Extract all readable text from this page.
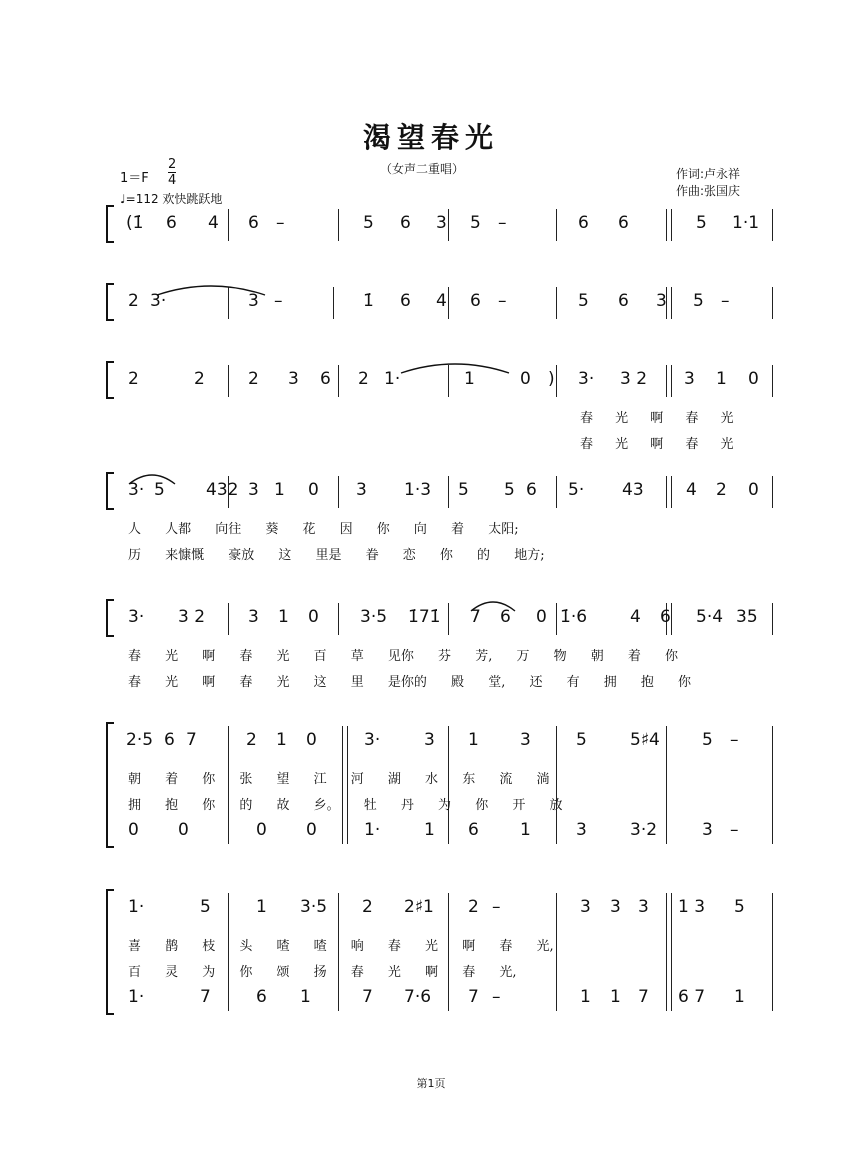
渴望春光
（女声二重唱）	作词:卢永祥
作曲:张国庆
$1=F \frac{2}{4}$
♩=112 欢快跳跃地
(1̇ 6 4 6 –	5 6 3 5 –	6 6	5 1·1
2 3·	3 –	1̇ 6 4 6 –	5 6 3 5 –
2	2	2 3 6 2 1·	1	0 ) 3· 3 2 3 1 0
春 光 啊 春 光
春 光 啊 春 光
3· 5 432 3 1 0 3 1·3 5 5 6 5· 43 4 2 0
人 人都 向往 葵 花 因 你 向 着 太阳;
历 来慷慨 豪放 这 里是 眷 恋 你 的 地方;
3· 3 2	3 1 0 3·5 1̇71̇ 7 6 0 1̇·6	4 6 5·4 35
春 光 啊 春 光 百 草 见你 芬 芳, 万 物 朝 着 你
春 光 啊 春 光 这 里 是你的 殿 堂, 还 有 拥 抱 你
2·5 6 7	2 1 0	3·	3 1 3	5	5♯4 5 –
朝 着 你 张 望 江 河 湖 水 东 流 淌
拥 抱 你 的 故 乡。 牡 丹 为 你 开 放
0 0	0 0	1·	1 6 1	3	3·2	3 –
1·	5	1 3·5 2 2♯1 2 –	3 3 3 1 3 5
喜 鹊 枝 头 喳 喳 响 春 光 啊 春 光,
百 灵 为 你 颂 扬 春 光 啊 春 光,
1·	7	6 1	7 7·6 7 –	1 1 7 6 7 1
第1页
